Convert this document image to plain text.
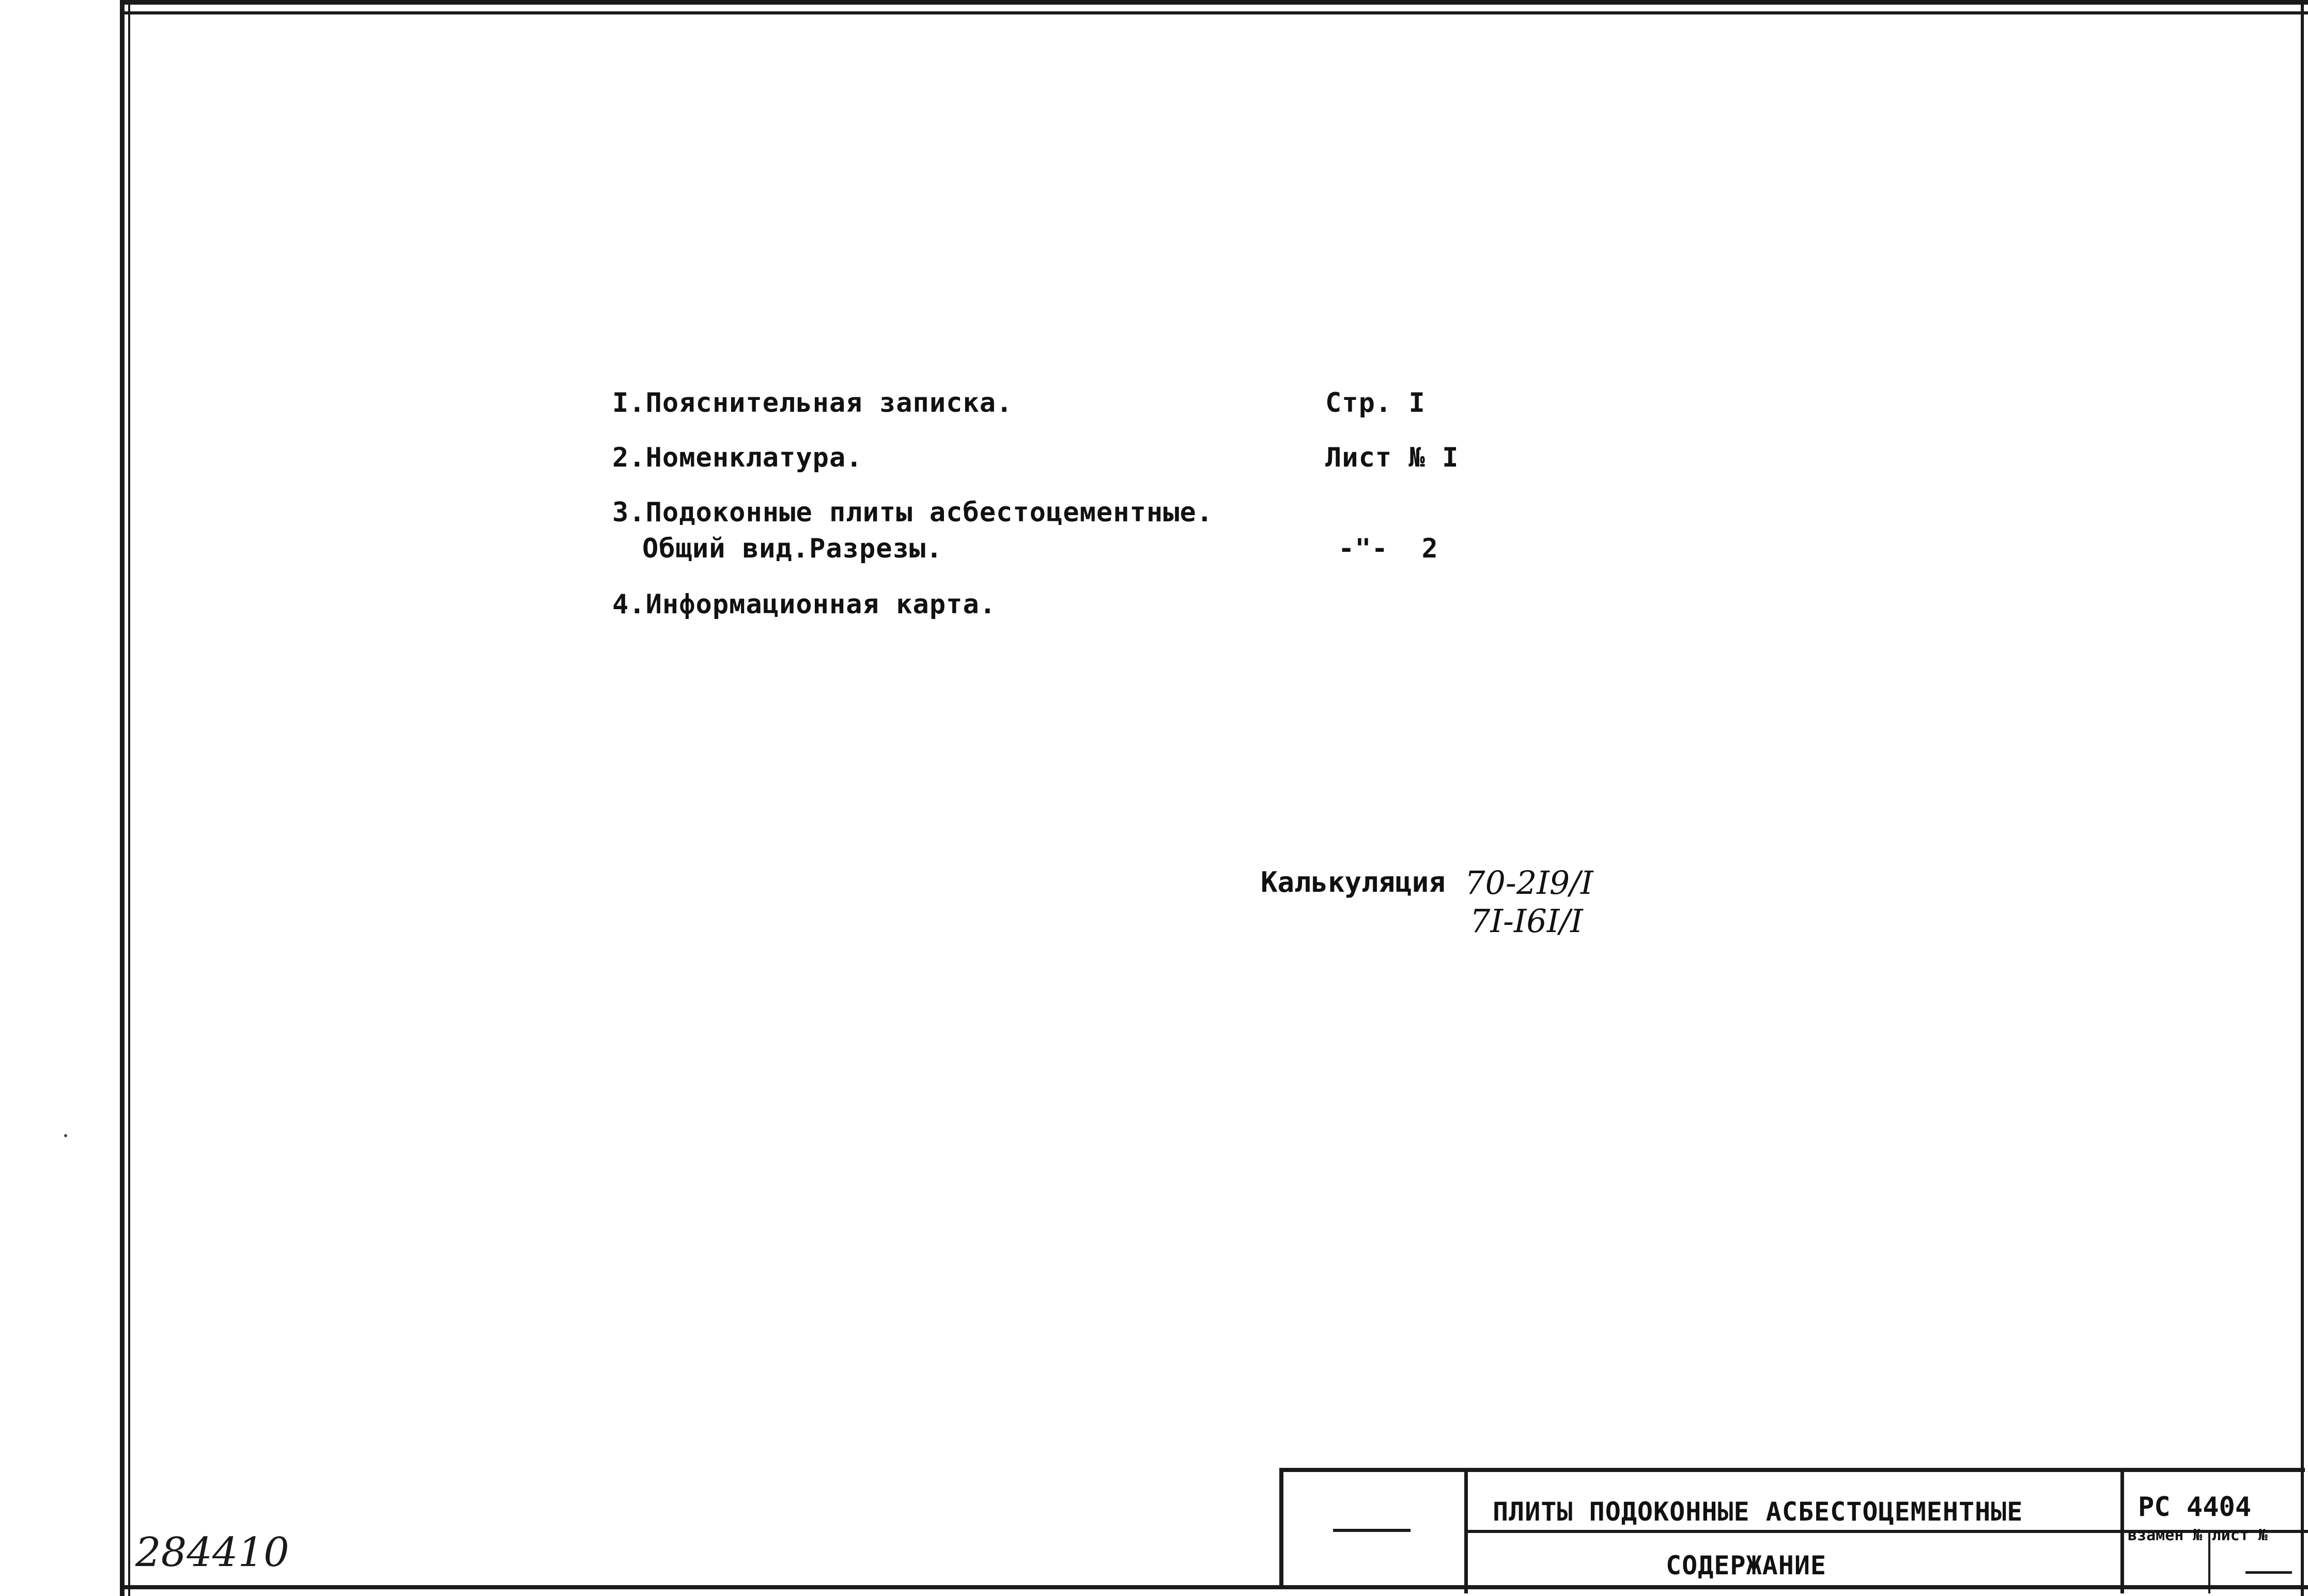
I.Пояснительная записка.	Стр. I
2.Номенклатура.	Лист № I
3.Подоконные плиты асбестоцементные.
Общий вид.Разрезы.	-"-  2
4.Информационная карта.
Калькуляция 70-2I9/I
7I-I6I/I
284410
ПЛИТЫ ПОДОКОННЫЕ АСБЕСТОЦЕМЕНТНЫЕ
СОДЕРЖАНИЕ
РС 4404
взамен № лист №
